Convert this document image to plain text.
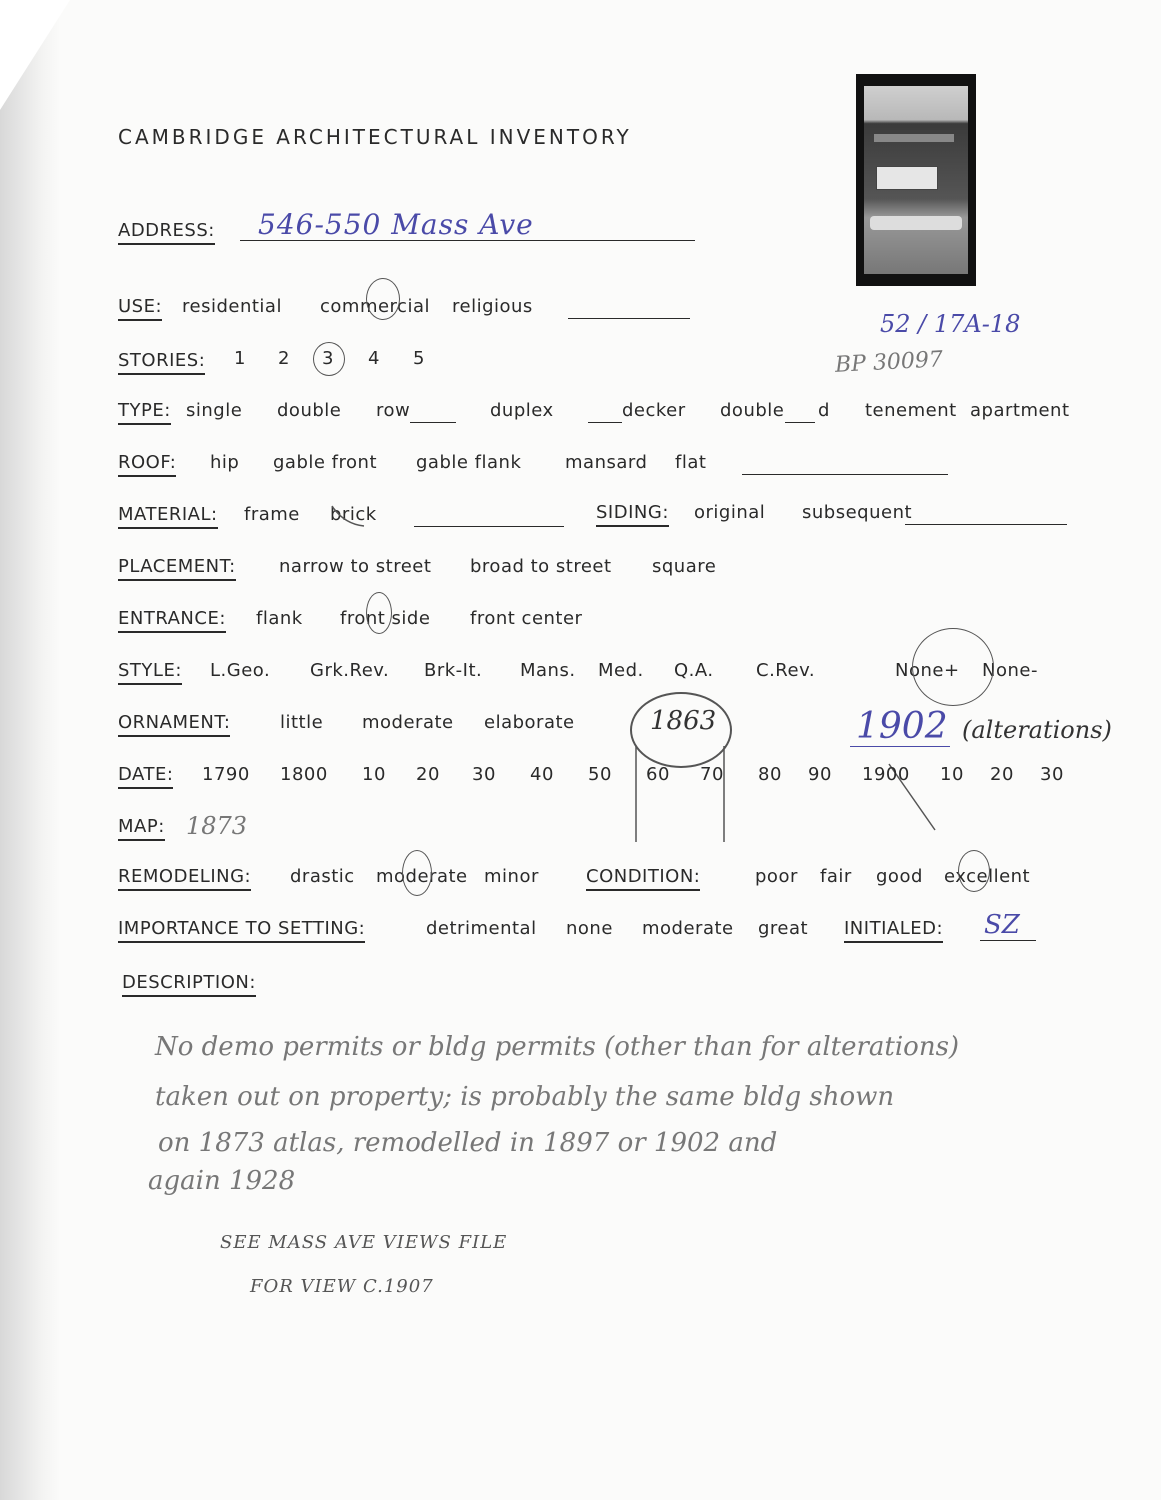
CAMBRIDGE ARCHITECTURAL INVENTORY
52 / 17A-18
BP 30097
ADDRESS: 546-550 Mass Ave
USE: residential commercial religious
STORIES: 1 2 3 4 5
TYPE: single double row	duplex	decker double d tenement apartment
ROOF: hip gable front gable flank mansard flat
MATERIAL: frame brick	SIDING: original subsequent
PLACEMENT: narrow to street broad to street square
ENTRANCE: flank front side front center
STYLE: L.Geo. Grk.Rev. Brk-It. Mans. Med. Q.A. C.Rev.	None+ None-
ORNAMENT:	little moderate elaborate	1863	1902 (alterations)
DATE: 1790 1800 10 20 30 40 50 60 70 80 90 1900 10 20 30
MAP: 1873
REMODELING: drastic moderate minor	CONDITION:	poor fair good excellent
IMPORTANCE TO SETTING:	detrimental none moderate great INITIALED: SZ
DESCRIPTION:
No demo permits or bldg permits (other than for alterations)
taken out on property; is probably the same bldg shown
on 1873 atlas, remodelled in 1897 or 1902 and
again 1928
SEE MASS AVE VIEWS FILE
FOR VIEW C.1907
